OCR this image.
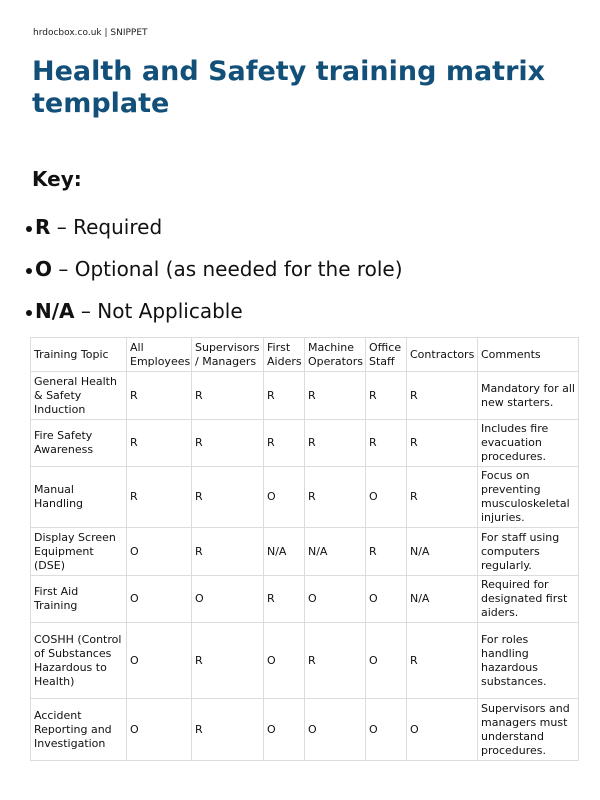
hrdocbox.co.uk | SNIPPET
Health and Safety training matrix template
Key:
R – Required
O – Optional (as needed for the role)
N/A – Not Applicable
Training Topic	All Employees	Supervisors / Managers	First Aiders	Machine Operators	Office Staff	Contractors	Comments
General Health & Safety Induction	R	R	R	R	R	R	Mandatory for all new starters.
Fire Safety Awareness	R	R	R	R	R	R	Includes fire evacuation procedures.
Manual Handling	R	R	O	R	O	R	Focus on preventing musculoskeletal injuries.
Display Screen Equipment (DSE)	O	R	N/A	N/A	R	N/A	For staff using computers regularly.
First Aid Training	O	O	R	O	O	N/A	Required for designated first aiders.
COSHH (Control of Substances Hazardous to Health)	O	R	O	R	O	R	For roles handling hazardous substances.
Accident Reporting and Investigation	O	R	O	O	O	O	Supervisors and managers must understand procedures.
